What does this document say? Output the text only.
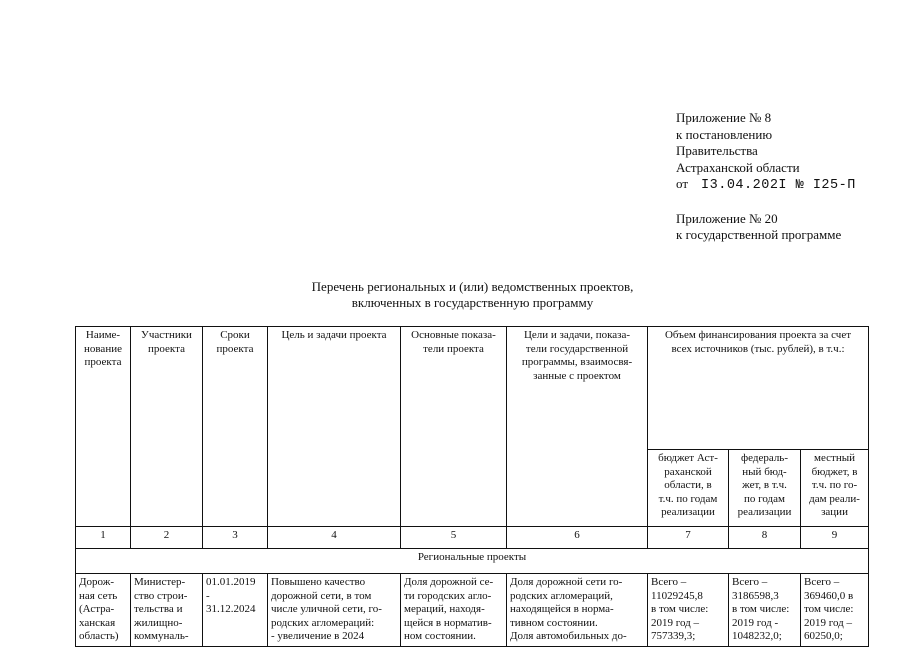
Приложение № 8
к постановлению
Правительства
Астраханской области
от I3.04.202I № I25-П
Приложение № 20
к государственной программе
Перечень региональных и (или) ведомственных проектов,
включенных в государственную программу
Наиме-
нование
проекта	Участники
проекта	Сроки
проекта	Цель и задачи проекта	Основные показа-
тели проекта	Цели и задачи, показа-
тели государственной
программы, взаимосвя-
занные с проектом	Объем финансирования проекта за счет
всех источников (тыс. рублей), в т.ч.:		
						бюджет Аст-
раханской
области, в
т.ч. по годам
реализации	федераль-
ный бюд-
жет, в т.ч.
по годам
реализации	местный
бюджет, в
т.ч. по го-
дам реали-
зации
1	2	3	4	5	6	7	8	9
Региональные проекты								
Дорож-
ная сеть
(Астра-
ханская
область)	Министер-
ство строи-
тельства и
жилищно-
коммуналь-	01.01.2019
-
31.12.2024	Повышено качество
дорожной сети, в том
числе уличной сети, го-
родских агломераций:
- увеличение в 2024	Доля дорожной се-
ти городских агло-
мераций, находя-
щейся в норматив-
ном состоянии.	Доля дорожной сети го-
родских агломераций,
находящейся в норма-
тивном состоянии.
Доля автомобильных до-	Всего –
11029245,8
в том числе:
2019 год –
757339,3;	Всего –
3186598,3
в том числе:
2019 год -
1048232,0;	Всего –
369460,0 в
том числе:
2019 год –
60250,0;
